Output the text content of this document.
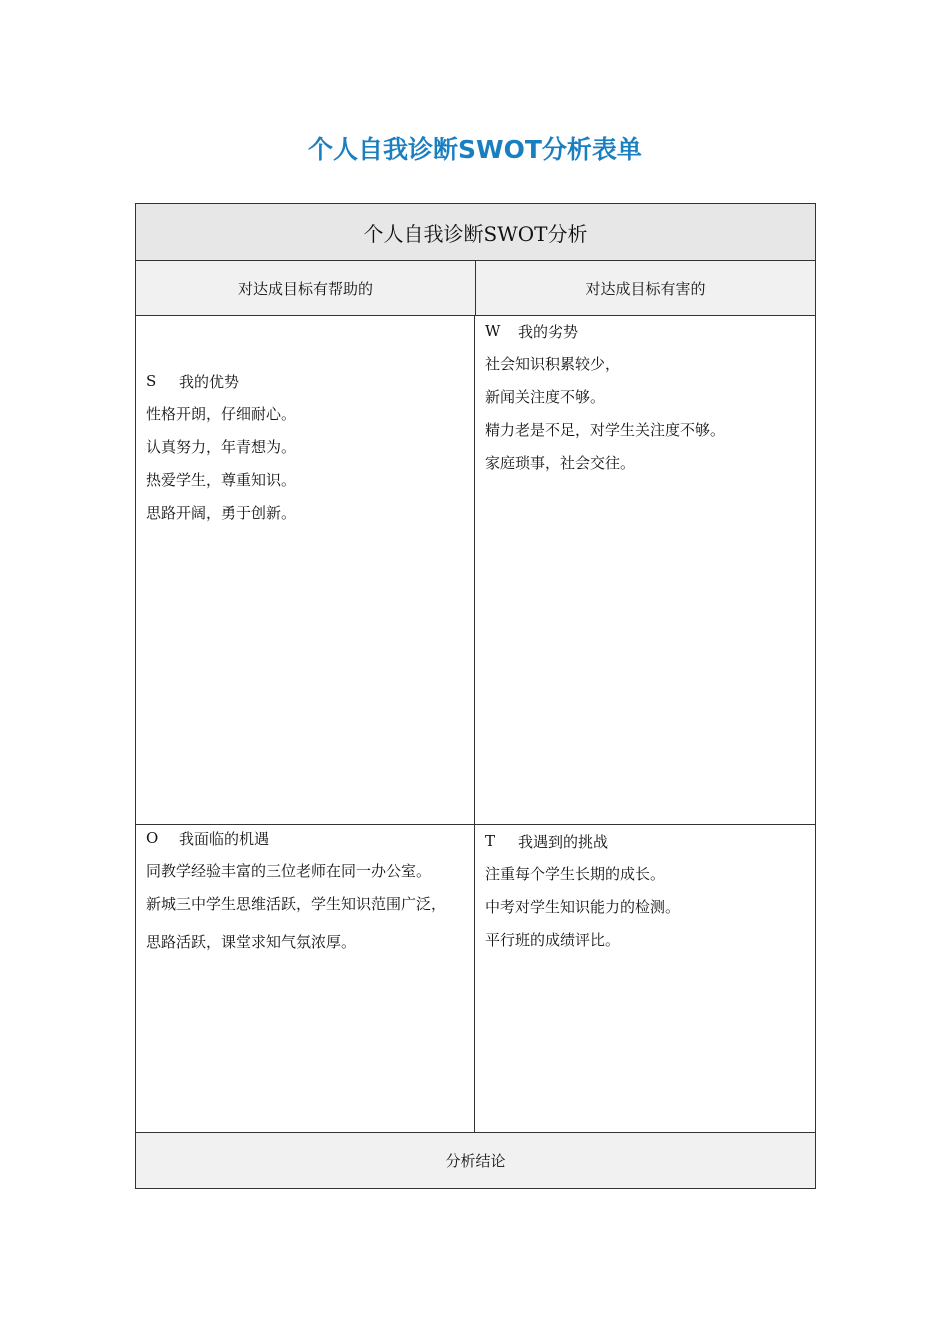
个人自我诊断SWOT分析表单
个人自我诊断SWOT分析
对达成目标有帮助的	对达成目标有害的
S	我的优势
性格开朗，仔细耐心。
认真努力，年青想为。
热爱学生，尊重知识。
思路开阔，勇于创新。
W	我的劣势
社会知识积累较少，
新闻关注度不够。
精力老是不足，对学生关注度不够。
家庭琐事，社会交往。
O	我面临的机遇
同教学经验丰富的三位老师在同一办公室。
新城三中学生思维活跃，学生知识范围广泛，
思路活跃，课堂求知气氛浓厚。
T	我遇到的挑战
注重每个学生长期的成长。
中考对学生知识能力的检测。
平行班的成绩评比。
分析结论
